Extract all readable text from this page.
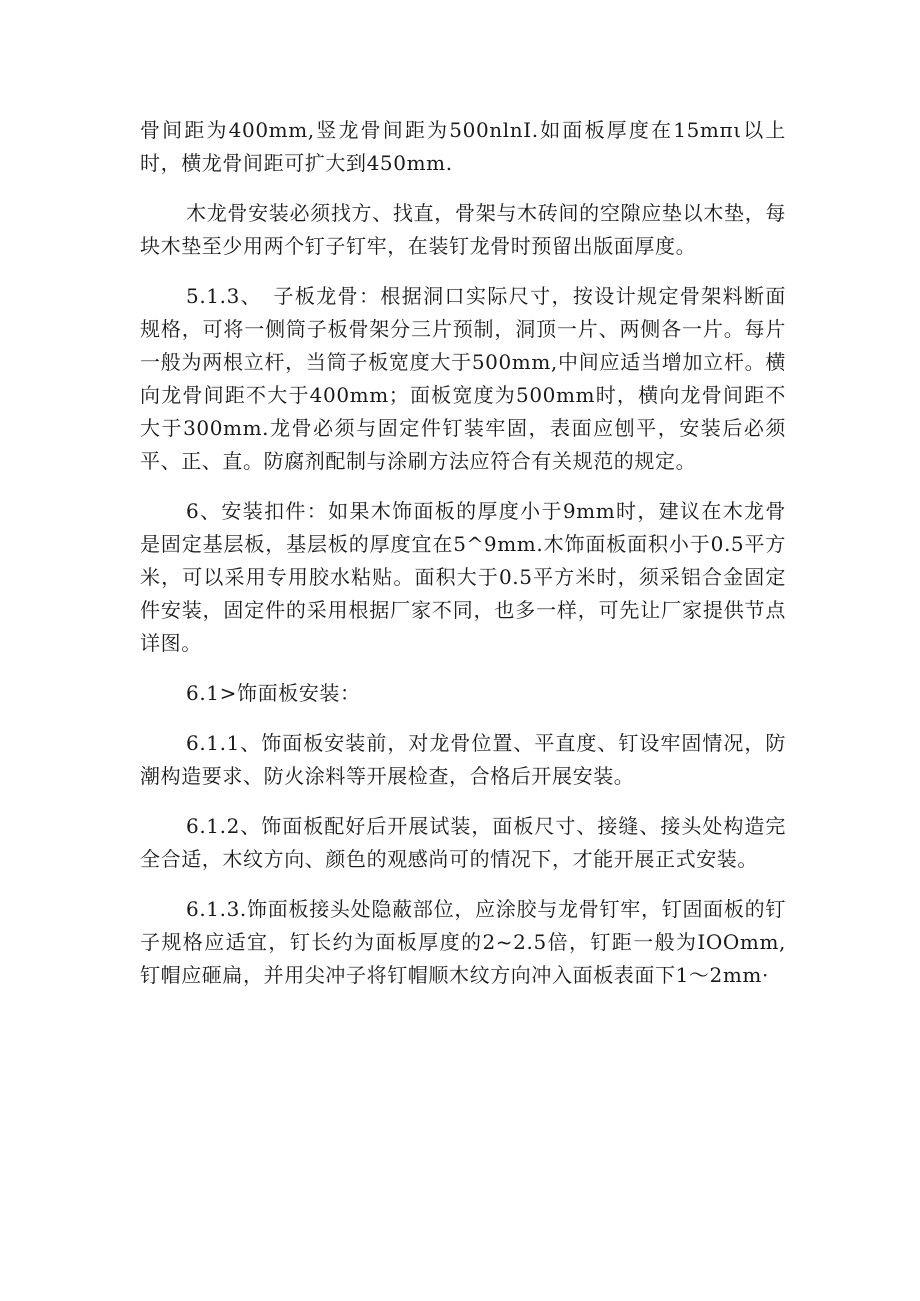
骨间距为400mm,竖龙骨间距为500nlnI.如面板厚度在15mπι以上时，横龙骨间距可扩大到450mm.

木龙骨安装必须找方、找直，骨架与木砖间的空隙应垫以木垫，每块木垫至少用两个钉子钉牢，在装钉龙骨时预留出版面厚度。

5.1.3、　子板龙骨：根据洞口实际尺寸，按设计规定骨架料断面规格，可将一侧筒子板骨架分三片预制，洞顶一片、两侧各一片。每片一般为两根立杆，当筒子板宽度大于500mm,中间应适当增加立杆。横向龙骨间距不大于400mm；面板宽度为500mm时，横向龙骨间距不大于300mm.龙骨必须与固定件钉装牢固，表面应刨平，安装后必须平、正、直。防腐剂配制与涂刷方法应符合有关规范的规定。

6、安装扣件：如果木饰面板的厚度小于9mm时，建议在木龙骨是固定基层板，基层板的厚度宜在5^9mm.木饰面板面积小于0.5平方米，可以采用专用胶水粘贴。面积大于0.5平方米时，须采铝合金固定件安装，固定件的采用根据厂家不同，也多一样，可先让厂家提供节点详图。

6.1>饰面板安装：

6.1.1、饰面板安装前，对龙骨位置、平直度、钉设牢固情况，防潮构造要求、防火涂料等开展检查，合格后开展安装。

6.1.2、饰面板配好后开展试装，面板尺寸、接缝、接头处构造完全合适，木纹方向、颜色的观感尚可的情况下，才能开展正式安装。

6.1.3.饰面板接头处隐蔽部位，应涂胶与龙骨钉牢，钉固面板的钉子规格应适宜，钉长约为面板厚度的2~2.5倍，钉距一般为IOOmm,钉帽应砸扁，并用尖冲子将钉帽顺木纹方向冲入面板表面下1～2mm·
